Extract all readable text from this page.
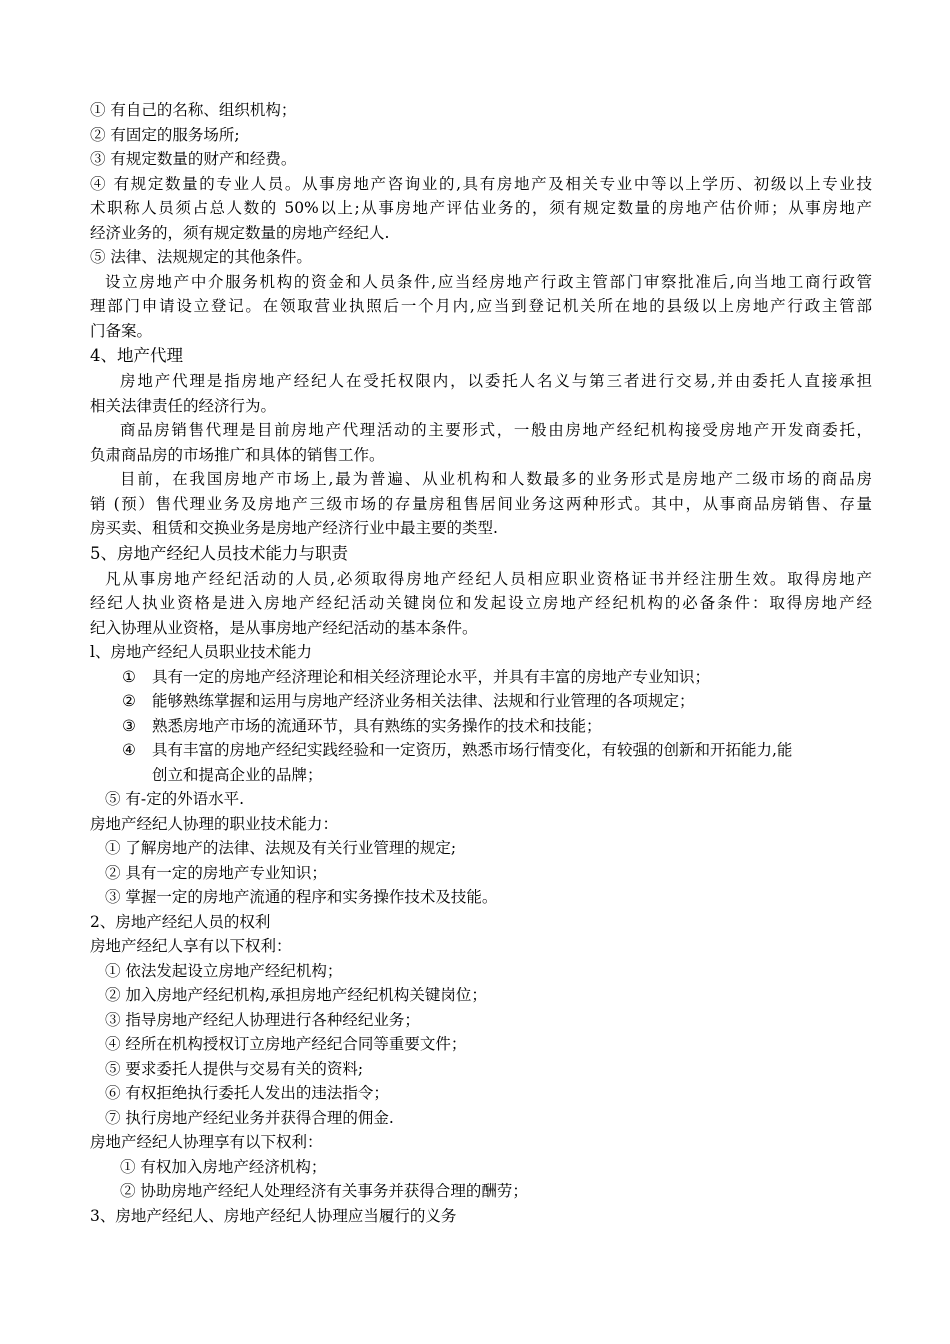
① 有自己的名称、组织机构；
② 有固定的服务场所;
③ 有规定数量的财产和经费。
④ 有规定数量的专业人员。从事房地产咨询业的,具有房地产及相关专业中等以上学历、初级以上专业技
术职称人员须占总人数的 50%以上;从事房地产评估业务的，须有规定数量的房地产估价师；从事房地产
经济业务的，须有规定数量的房地产经纪人.
⑤ 法律、法规规定的其他条件。
设立房地产中介服务机构的资金和人员条件,应当经房地产行政主管部门审察批准后,向当地工商行政管
理部门申请设立登记。在领取营业执照后一个月内,应当到登记机关所在地的县级以上房地产行政主管部
门备案。
4、地产代理
房地产代理是指房地产经纪人在受托权限内，以委托人名义与第三者进行交易,并由委托人直接承担
相关法律责任的经济行为。
商品房销售代理是目前房地产代理活动的主要形式，一般由房地产经纪机构接受房地产开发商委托，
负肃商品房的市场推广和具体的销售工作。
目前，在我国房地产市场上,最为普遍、从业机构和人数最多的业务形式是房地产二级市场的商品房
销 (预）售代理业务及房地产三级市场的存量房租售居间业务这两种形式。其中，从事商品房销售、存量
房买卖、租赁和交换业务是房地产经济行业中最主要的类型.
5、房地产经纪人员技术能力与职责
凡从事房地产经纪活动的人员,必须取得房地产经纪人员相应职业资格证书并经注册生效。取得房地产
经纪人执业资格是进入房地产经纪活动关键岗位和发起设立房地产经纪机构的必备条件：取得房地产经
纪入协理从业资格，是从事房地产经纪活动的基本条件。
l、房地产经纪人员职业技术能力
①	具有一定的房地产经济理论和相关经济理论水平，并具有丰富的房地产专业知识；
②	能够熟练掌握和运用与房地产经济业务相关法律、法规和行业管理的各项规定；
③	熟悉房地产市场的流通环节，具有熟练的实务操作的技术和技能；
④	具有丰富的房地产经纪实践经验和一定资历，熟悉市场行情变化，有较强的创新和开拓能力,能
创立和提高企业的品牌；
⑤ 有-定的外语水平.
房地产经纪人协理的职业技术能力：
① 了解房地产的法律、法规及有关行业管理的规定;
② 具有一定的房地产专业知识；
③ 掌握一定的房地产流通的程序和实务操作技术及技能。
2、房地产经纪人员的权利
房地产经纪人享有以下权利：
① 依法发起设立房地产经纪机构；
② 加入房地产经纪机构,承担房地产经纪机构关键岗位；
③ 指导房地产经纪人协理进行各种经纪业务；
④ 经所在机构授权订立房地产经纪合同等重要文件；
⑤ 要求委托人提供与交易有关的资料;
⑥ 有权拒绝执行委托人发出的违法指令；
⑦ 执行房地产经纪业务并获得合理的佣金.
房地产经纪人协理享有以下权利：
① 有权加入房地产经济机构；
② 协助房地产经纪人处理经济有关事务并获得合理的酬劳；
3、房地产经纪人、房地产经纪人协理应当履行的义务
